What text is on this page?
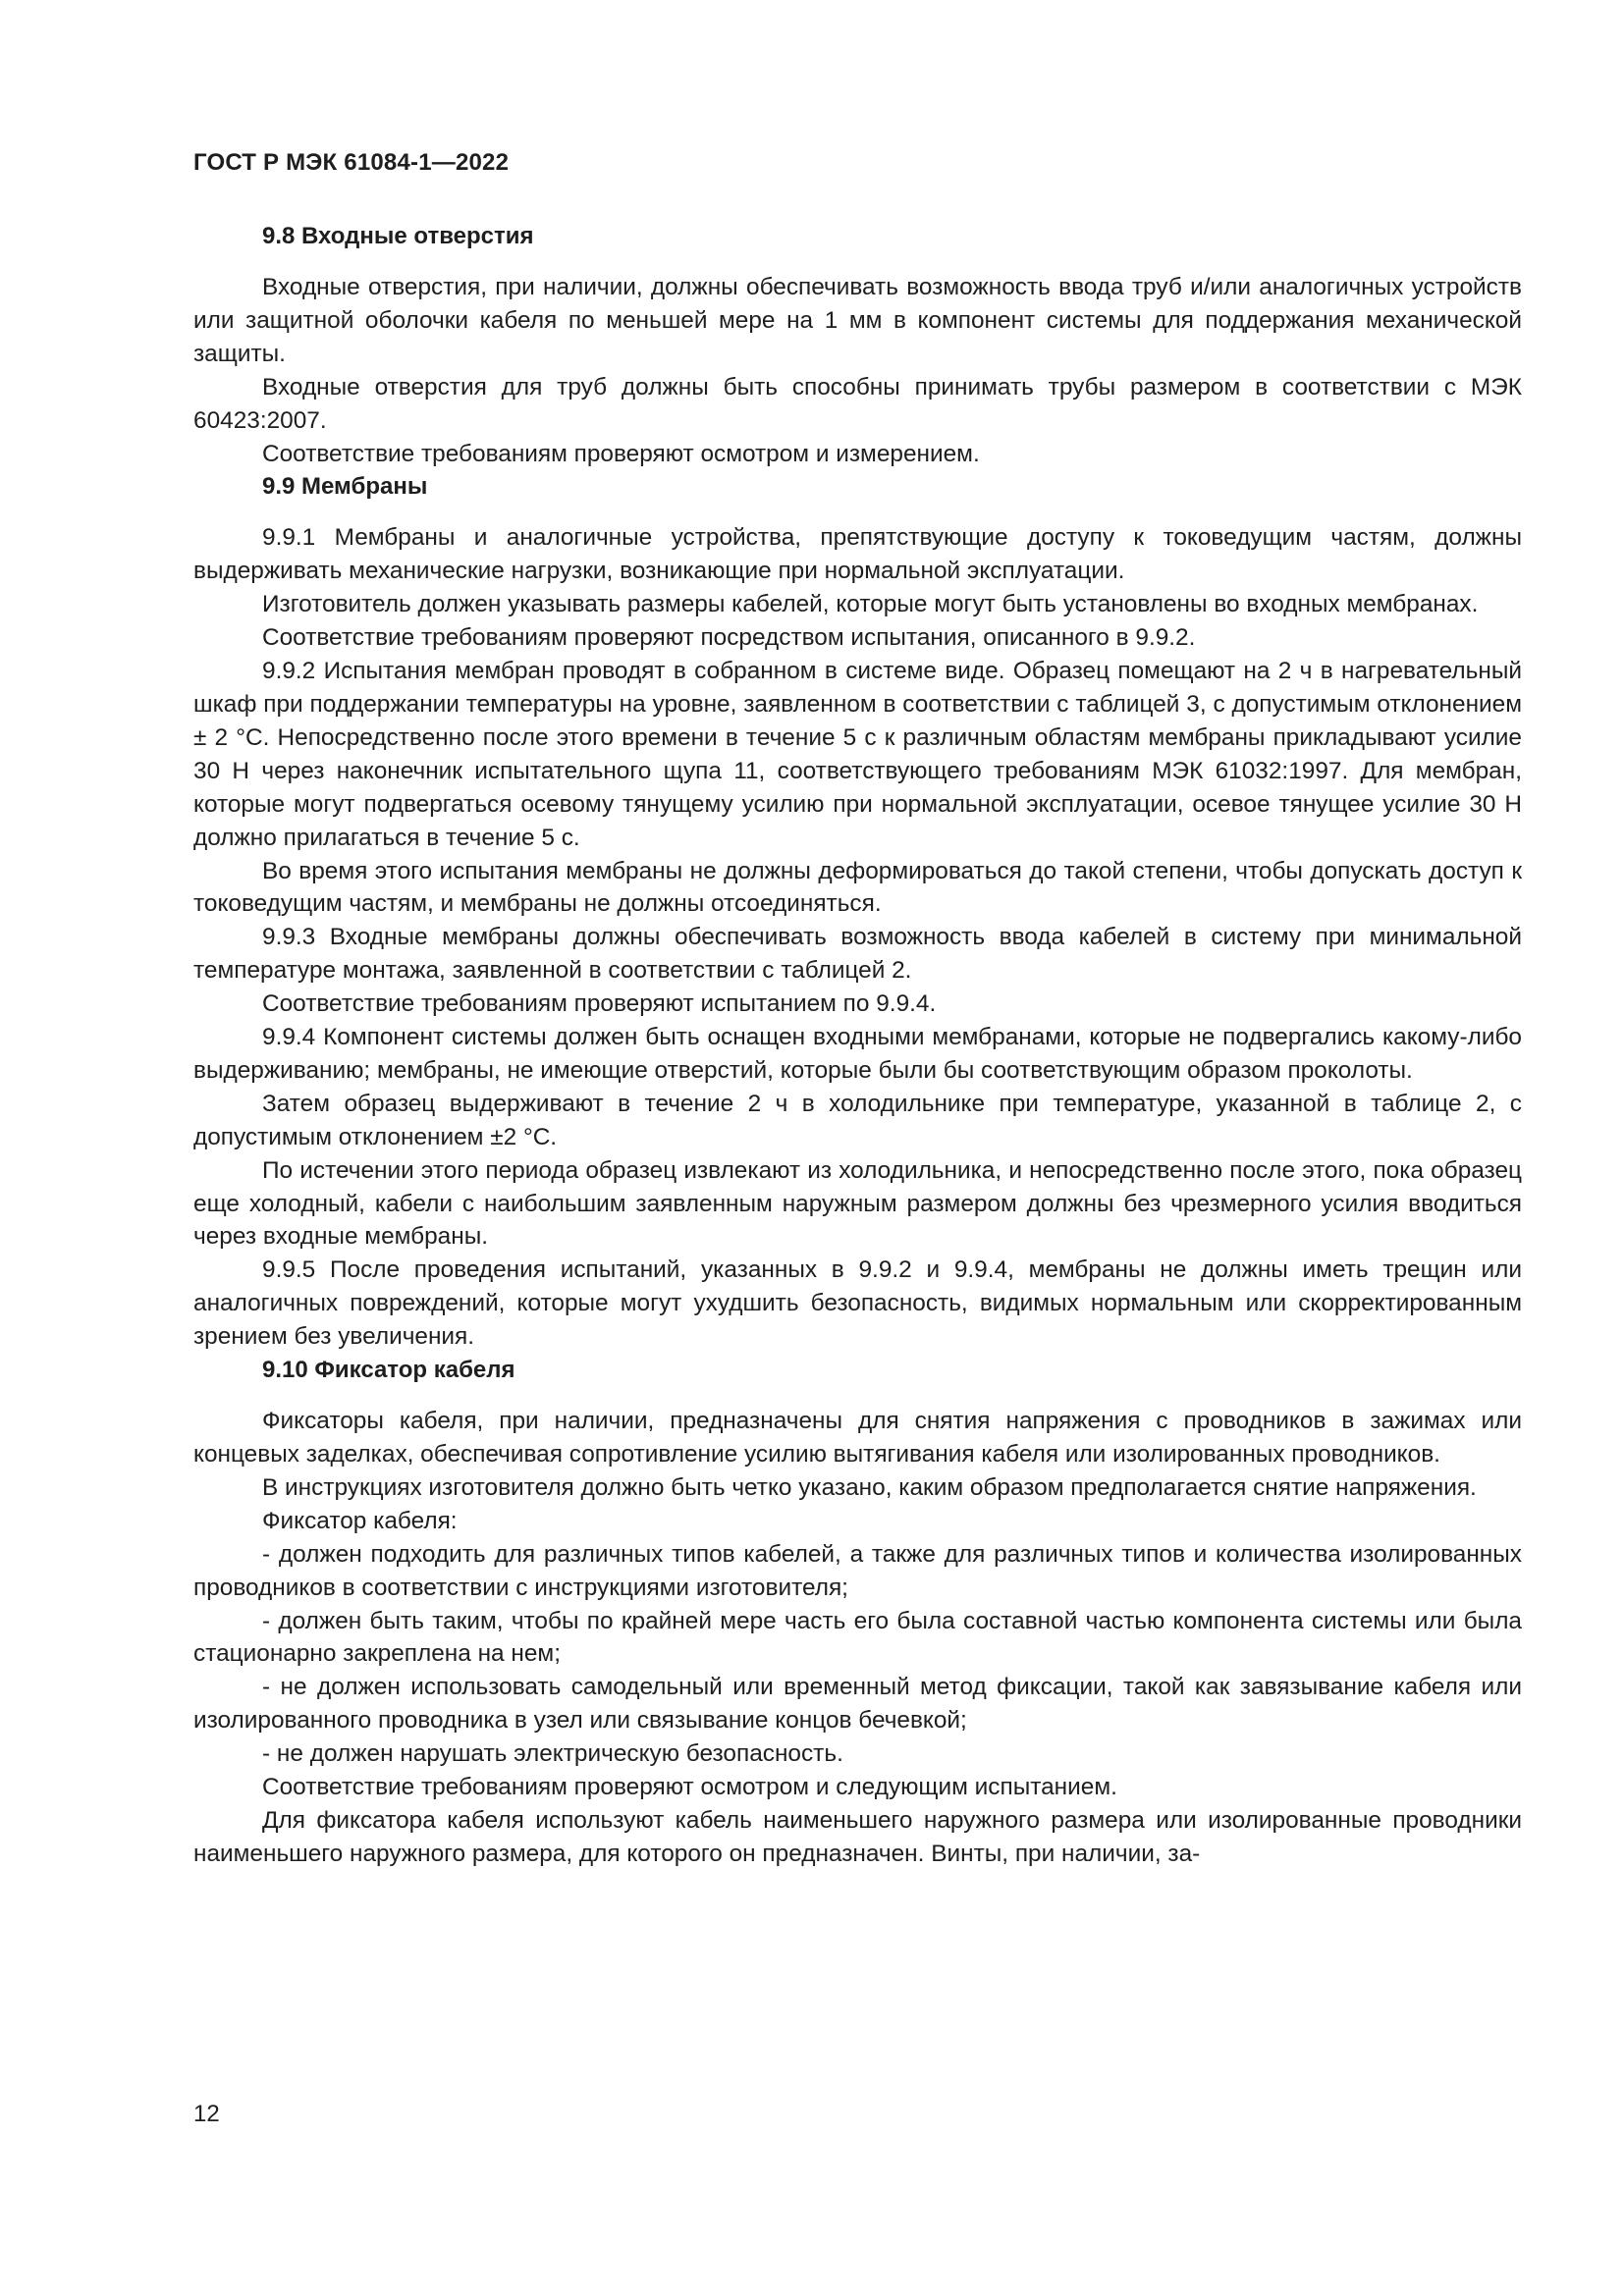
ГОСТ Р МЭК 61084-1—2022
9.8 Входные отверстия

Входные отверстия, при наличии, должны обеспечивать возможность ввода труб и/или аналогичных устройств или защитной оболочки кабеля по меньшей мере на 1 мм в компонент системы для поддержания механической защиты.

Входные отверстия для труб должны быть способны принимать трубы размером в соответствии с МЭК 60423:2007.

Соответствие требованиям проверяют осмотром и измерением.

9.9 Мембраны

9.9.1 Мембраны и аналогичные устройства, препятствующие доступу к токоведущим частям, должны выдерживать механические нагрузки, возникающие при нормальной эксплуатации.

Изготовитель должен указывать размеры кабелей, которые могут быть установлены во входных мембранах.

Соответствие требованиям проверяют посредством испытания, описанного в 9.9.2.

9.9.2 Испытания мембран проводят в собранном в системе виде. Образец помещают на 2 ч в нагревательный шкаф при поддержании температуры на уровне, заявленном в соответствии с таблицей 3, с допустимым отклонением ± 2 °С. Непосредственно после этого времени в течение 5 с к различным областям мембраны прикладывают усилие 30 Н через наконечник испытательного щупа 11, соответствующего требованиям МЭК 61032:1997. Для мембран, которые могут подвергаться осевому тянущему усилию при нормальной эксплуатации, осевое тянущее усилие 30 Н должно прилагаться в течение 5 с.

Во время этого испытания мембраны не должны деформироваться до такой степени, чтобы допускать доступ к токоведущим частям, и мембраны не должны отсоединяться.

9.9.3 Входные мембраны должны обеспечивать возможность ввода кабелей в систему при минимальной температуре монтажа, заявленной в соответствии с таблицей 2.

Соответствие требованиям проверяют испытанием по 9.9.4.

9.9.4 Компонент системы должен быть оснащен входными мембранами, которые не подвергались какому-либо выдерживанию; мембраны, не имеющие отверстий, которые были бы соответствующим образом проколоты.

Затем образец выдерживают в течение 2 ч в холодильнике при температуре, указанной в таблице 2, с допустимым отклонением ±2 °С.

По истечении этого периода образец извлекают из холодильника, и непосредственно после этого, пока образец еще холодный, кабели с наибольшим заявленным наружным размером должны без чрезмерного усилия вводиться через входные мембраны.

9.9.5 После проведения испытаний, указанных в 9.9.2 и 9.9.4, мембраны не должны иметь трещин или аналогичных повреждений, которые могут ухудшить безопасность, видимых нормальным или скорректированным зрением без увеличения.

9.10 Фиксатор кабеля

Фиксаторы кабеля, при наличии, предназначены для снятия напряжения с проводников в зажимах или концевых заделках, обеспечивая сопротивление усилию вытягивания кабеля или изолированных проводников.

В инструкциях изготовителя должно быть четко указано, каким образом предполагается снятие напряжения.

Фиксатор кабеля:

- должен подходить для различных типов кабелей, а также для различных типов и количества изолированных проводников в соответствии с инструкциями изготовителя;

- должен быть таким, чтобы по крайней мере часть его была составной частью компонента системы или была стационарно закреплена на нем;

- не должен использовать самодельный или временный метод фиксации, такой как завязывание кабеля или изолированного проводника в узел или связывание концов бечевкой;

- не должен нарушать электрическую безопасность.

Соответствие требованиям проверяют осмотром и следующим испытанием.

Для фиксатора кабеля используют кабель наименьшего наружного размера или изолированные проводники наименьшего наружного размера, для которого он предназначен. Винты, при наличии, за-

12
